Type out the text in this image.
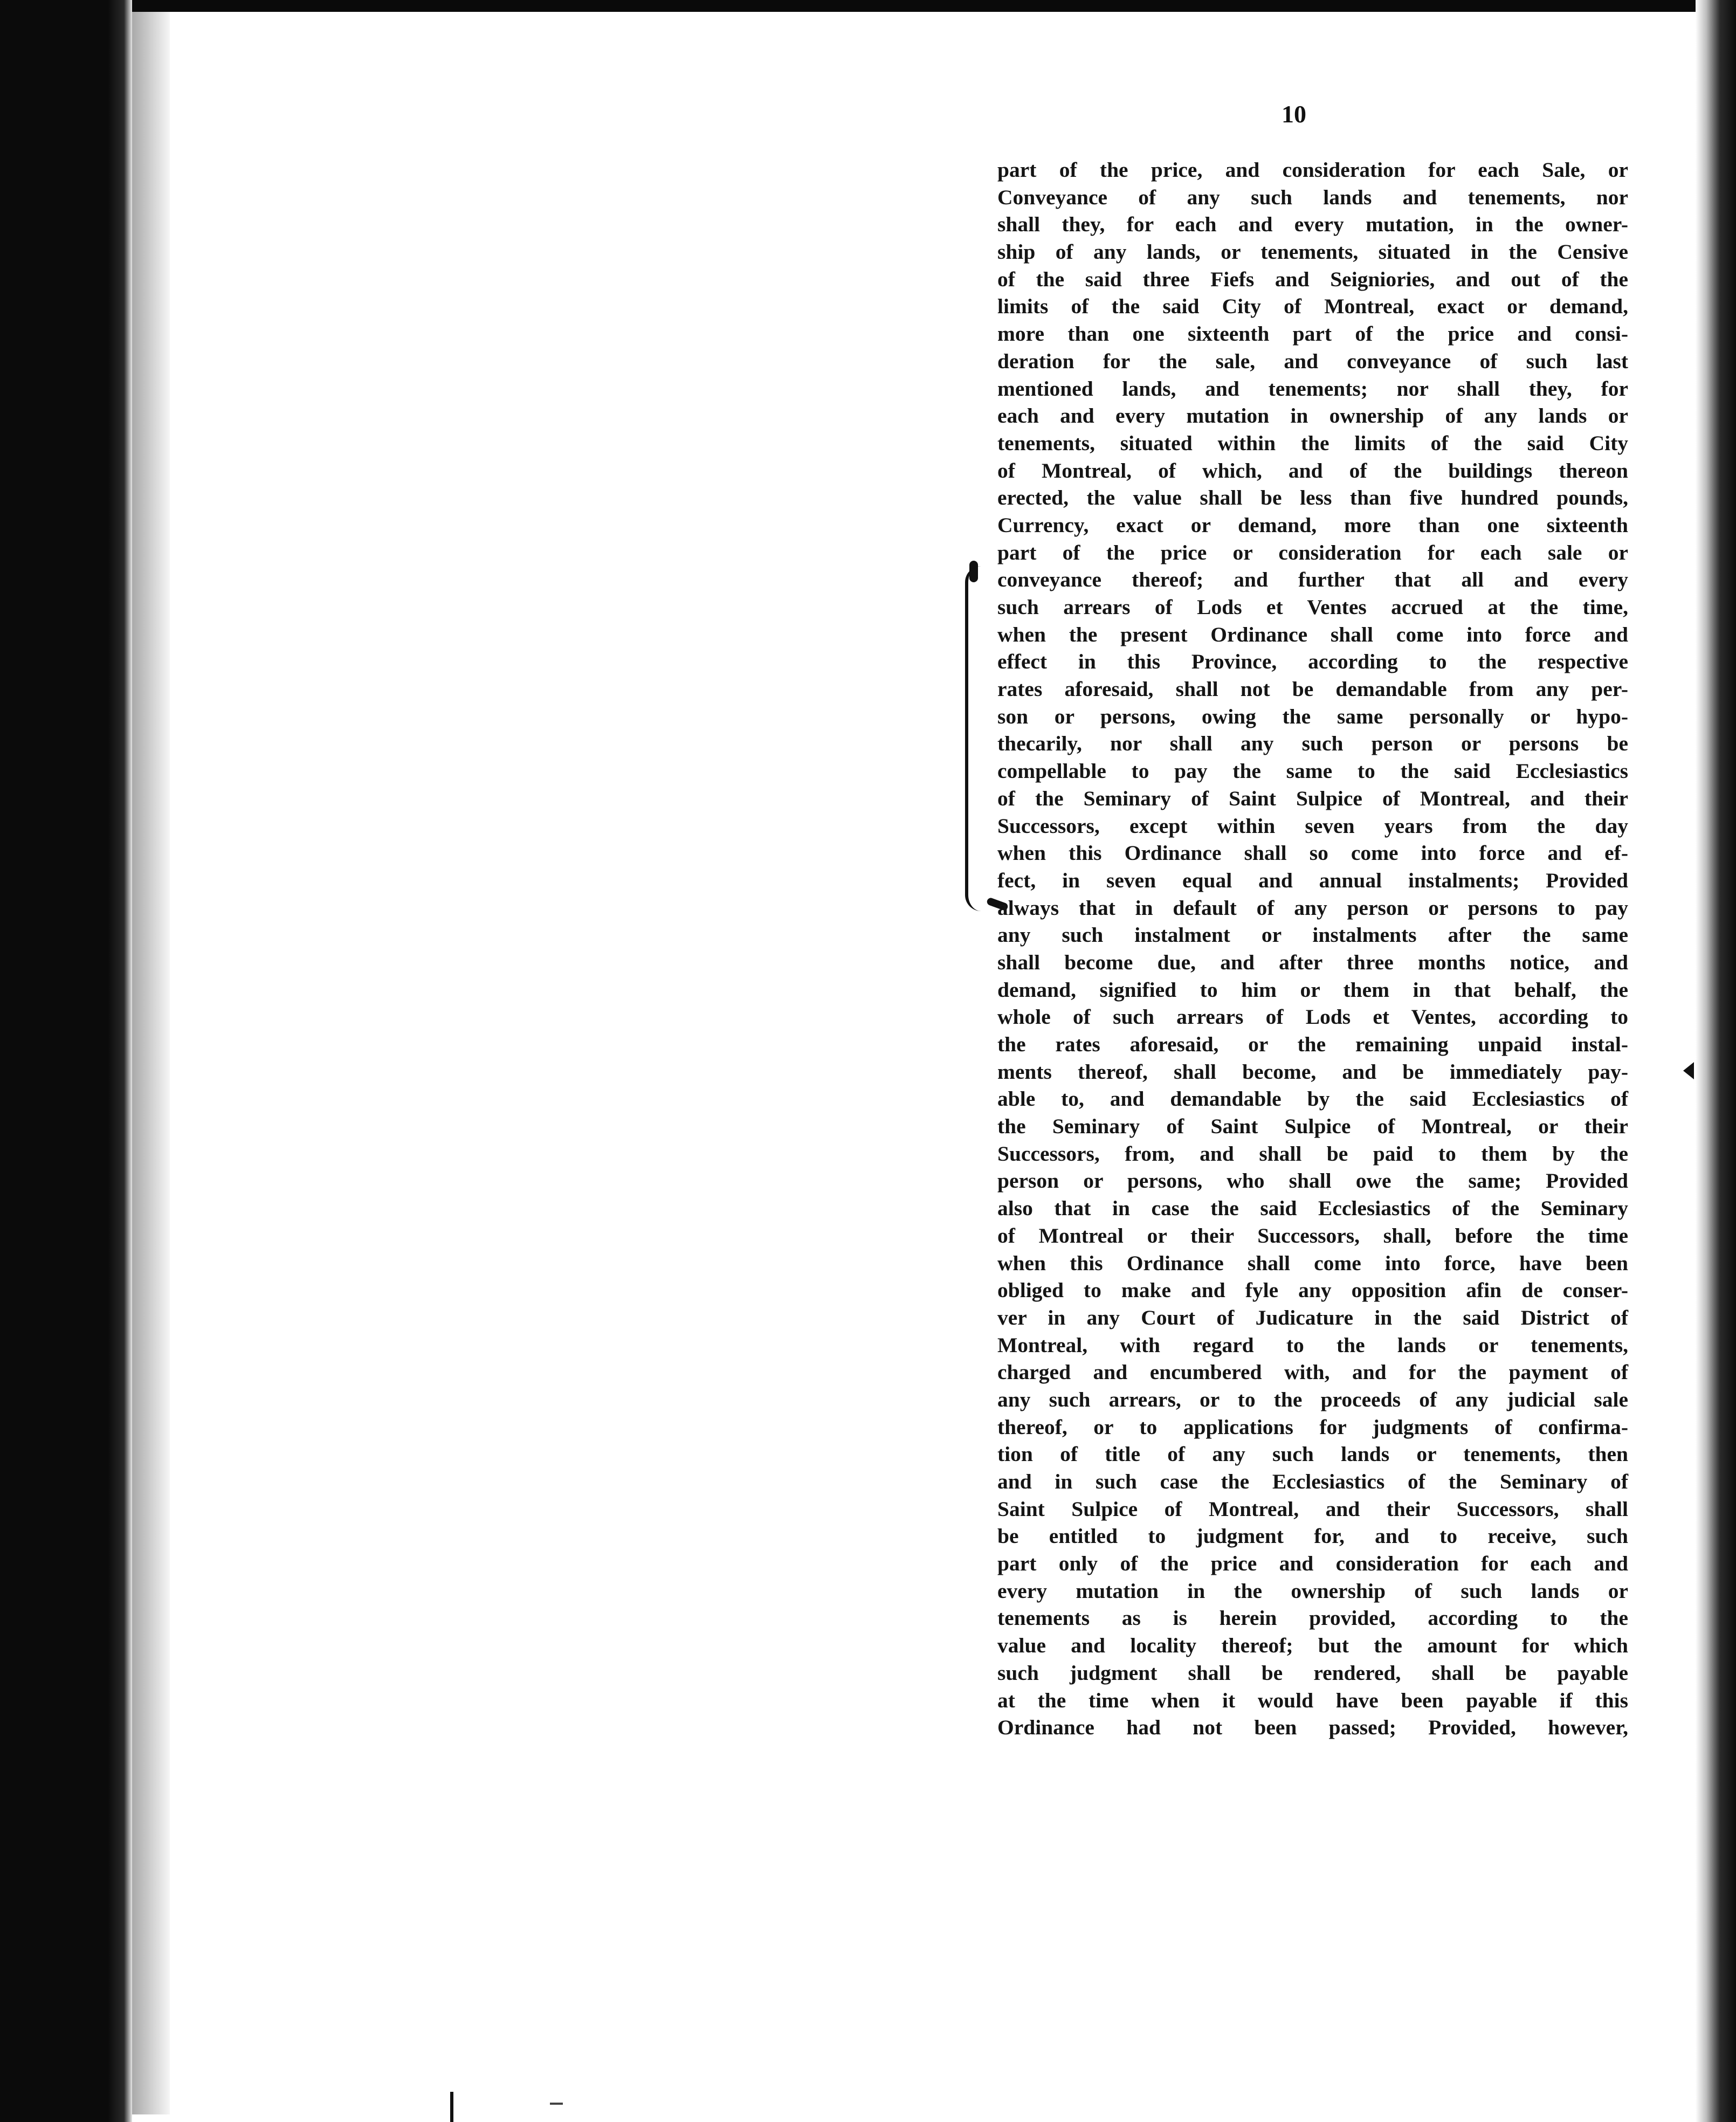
10
part of the price, and consideration for each Sale, or
Conveyance of any such lands and tenements, nor
shall they, for each and every mutation, in the owner-
ship of any lands, or tenements, situated in the Censive
of the said three Fiefs and Seigniories, and out of the
limits of the said City of Montreal, exact or demand,
more than one sixteenth part of the price and consi-
deration for the sale, and conveyance of such last
mentioned lands, and tenements; nor shall they, for
each and every mutation in ownership of any lands or
tenements, situated within the limits of the said City
of Montreal, of which, and of the buildings thereon
erected, the value shall be less than five hundred pounds,
Currency, exact or demand, more than one sixteenth
part of the price or consideration for each sale or
conveyance thereof; and further that all and every
such arrears of Lods et Ventes accrued at the time,
when the present Ordinance shall come into force and
effect in this Province, according to the respective
rates aforesaid, shall not be demandable from any per-
son or persons, owing the same personally or hypo-
thecarily, nor shall any such person or persons be
compellable to pay the same to the said Ecclesiastics
of the Seminary of Saint Sulpice of Montreal, and their
Successors, except within seven years from the day
when this Ordinance shall so come into force and ef-
fect, in seven equal and annual instalments; Provided
always that in default of any person or persons to pay
any such instalment or instalments after the same
shall become due, and after three months notice, and
demand, signified to him or them in that behalf, the
whole of such arrears of Lods et Ventes, according to
the rates aforesaid, or the remaining unpaid instal-
ments thereof, shall become, and be immediately pay-
able to, and demandable by the said Ecclesiastics of
the Seminary of Saint Sulpice of Montreal, or their
Successors, from, and shall be paid to them by the
person or persons, who shall owe the same; Provided
also that in case the said Ecclesiastics of the Seminary
of Montreal or their Successors, shall, before the time
when this Ordinance shall come into force, have been
obliged to make and fyle any opposition afin de conser-
ver in any Court of Judicature in the said District of
Montreal, with regard to the lands or tenements,
charged and encumbered with, and for the payment of
any such arrears, or to the proceeds of any judicial sale
thereof, or to applications for judgments of confirma-
tion of title of any such lands or tenements, then
and in such case the Ecclesiastics of the Seminary of
Saint Sulpice of Montreal, and their Successors, shall
be entitled to judgment for, and to receive, such
part only of the price and consideration for each and
every mutation in the ownership of such lands or
tenements as is herein provided, according to the
value and locality thereof; but the amount for which
such judgment shall be rendered, shall be payable
at the time when it would have been payable if this
Ordinance had not been passed; Provided, however,
